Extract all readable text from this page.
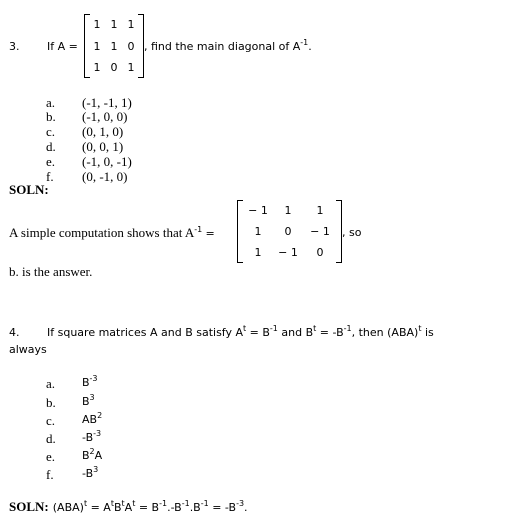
3.	If A =
1 1 1
1 1 0
1 0 1
, find the main diagonal of $A^{-1}$.
a. (-1, -1, 1)
b. (-1, 0, 0)
c. (0, 1, 0)
d. (0, 0, 1)
e. (-1, 0, -1)
f. (0, -1, 0)
SOLN:
A simple computation shows that $A^{-1}$ =
− 1	1	1
1	0	− 1
1	− 1	0
, so
b. is the answer.
4.	If square matrices A and B satisfy $A^t = B^{-1}$ and $B^t = -B^{-1}$, then (ABA)$^t$ is
always
a. $B^{-3}$
b. $B^3$
c. $AB^2$
d. $-B^{-3}$
e. $B^2A$
f.	$-B^3$
SOLN: $(ABA)^t = A^tB^tA^t = B^{-1}.-B^{-1}.B^{-1} = -B^{-3}$.
